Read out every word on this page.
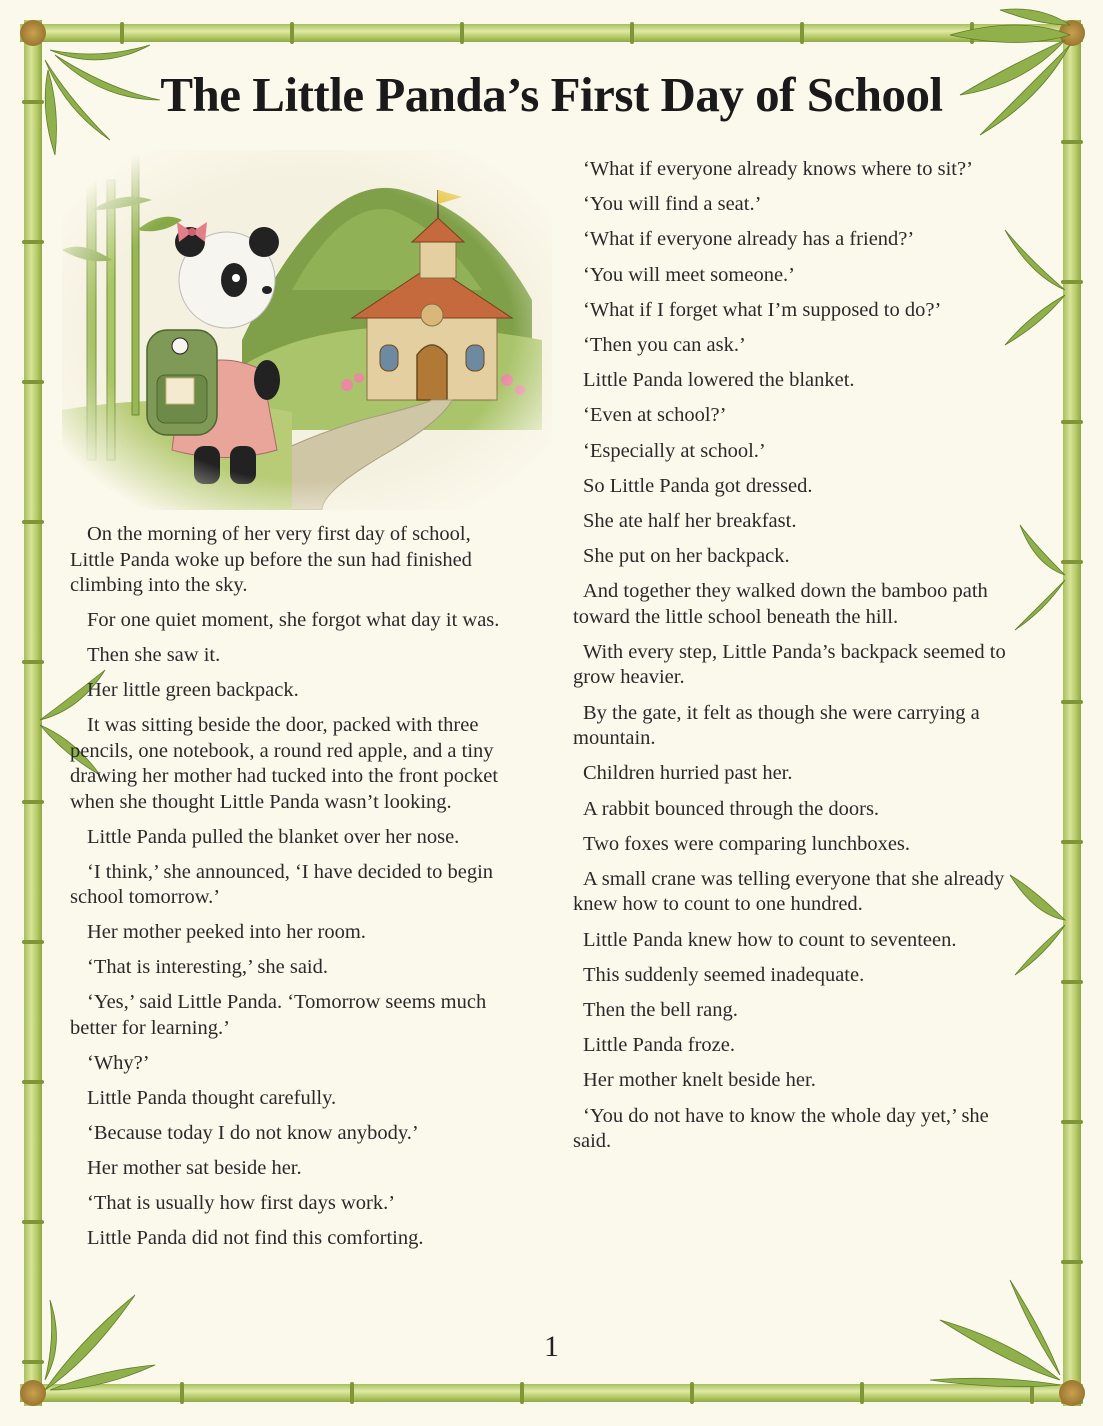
The Little Panda’s First Day of School

On the morning of her very first day of school, Little Panda woke up before the sun had finished climbing into the sky.

For one quiet moment, she forgot what day it was.

Then she saw it.

Her little green backpack.

It was sitting beside the door, packed with three pencils, one notebook, a round red apple, and a tiny drawing her mother had tucked into the front pocket when she thought Little Panda wasn’t looking.

Little Panda pulled the blanket over her nose.

‘I think,’ she announced, ‘I have decided to begin school tomorrow.’

Her mother peeked into her room.

‘That is interesting,’ she said.

‘Yes,’ said Little Panda. ‘Tomorrow seems much better for learning.’

‘Why?’

Little Panda thought carefully.

‘Because today I do not know anybody.’

Her mother sat beside her.

‘That is usually how first days work.’

Little Panda did not find this comforting.

‘What if everyone already knows where to sit?’

‘You will find a seat.’

‘What if everyone already has a friend?’

‘You will meet someone.’

‘What if I forget what I’m supposed to do?’

‘Then you can ask.’

Little Panda lowered the blanket.

‘Even at school?’

‘Especially at school.’

So Little Panda got dressed.

She ate half her breakfast.

She put on her backpack.

And together they walked down the bamboo path toward the little school beneath the hill.

With every step, Little Panda’s backpack seemed to grow heavier.

By the gate, it felt as though she were carrying a mountain.

Children hurried past her.

A rabbit bounced through the doors.

Two foxes were comparing lunchboxes.

A small crane was telling everyone that she already knew how to count to one hundred.

Little Panda knew how to count to seventeen.

This suddenly seemed inadequate.

Then the bell rang.

Little Panda froze.

Her mother knelt beside her.

‘You do not have to know the whole day yet,’ she said.

1
